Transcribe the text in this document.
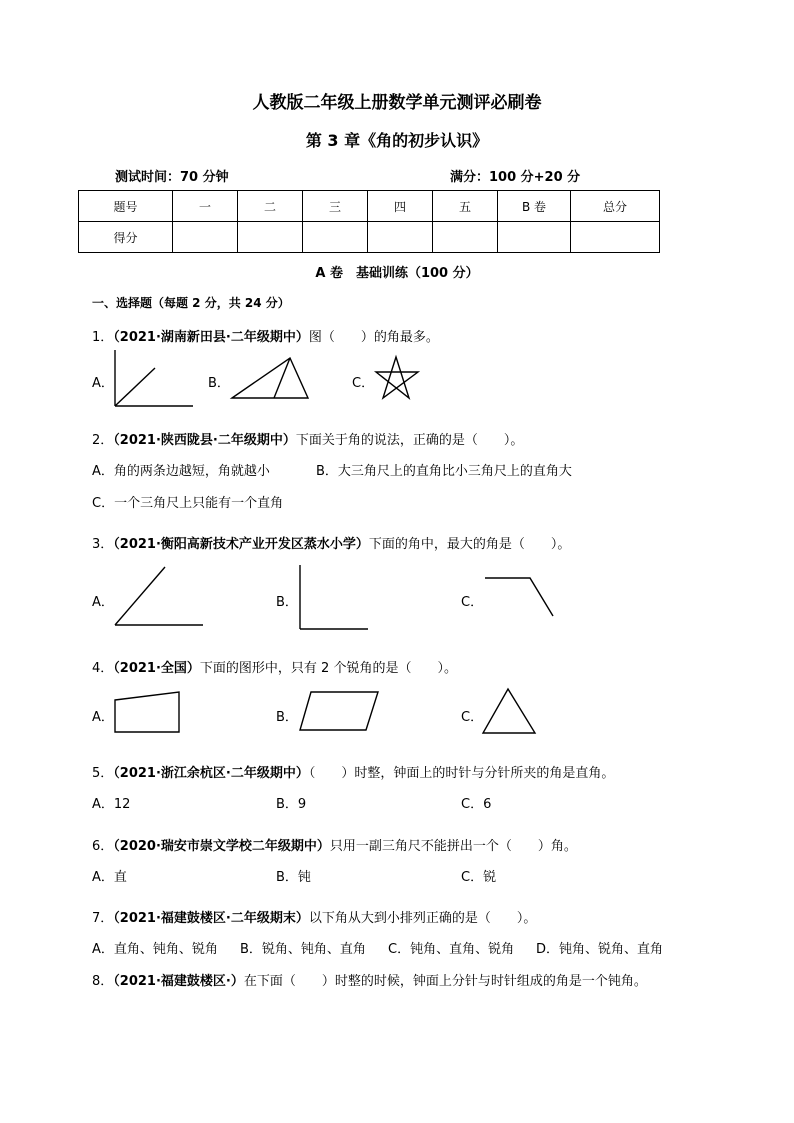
人教版二年级上册数学单元测评必刷卷
第 3 章《角的初步认识》
测试时间：70 分钟	满分：100 分+20 分
题号	一	二	三	四	五	B 卷	总分
得分							
A 卷　基础训练（100 分）
一、选择题（每题 2 分，共 24 分）
1．（2021·湖南新田县·二年级期中）图（　　）的角最多。
A．	B．	C．
2．（2021·陕西陇县·二年级期中）下面关于角的说法，正确的是（　　）。
A．角的两条边越短，角就越小	B．大三角尺上的直角比小三角尺上的直角大
C．一个三角尺上只能有一个直角
3．（2021·衡阳高新技术产业开发区蒸水小学）下面的角中，最大的角是（　　）。
A．	B．	C．
4．（2021·全国）下面的图形中，只有 2 个锐角的是（　　）。
A．	B．	C．
5．（2021·浙江余杭区·二年级期中）（　　）时整，钟面上的时针与分针所夹的角是直角。
A．12	B．9	C．6
6．（2020·瑞安市崇文学校二年级期中）只用一副三角尺不能拼出一个（　　）角。
A．直	B．钝	C．锐
7．（2021·福建鼓楼区·二年级期末）以下角从大到小排列正确的是（　　）。
A．直角、钝角、锐角 B．锐角、钝角、直角 C．钝角、直角、锐角 D．钝角、锐角、直角
8．（2021·福建鼓楼区·）在下面（　　）时整的时候，钟面上分针与时针组成的角是一个钝角。
